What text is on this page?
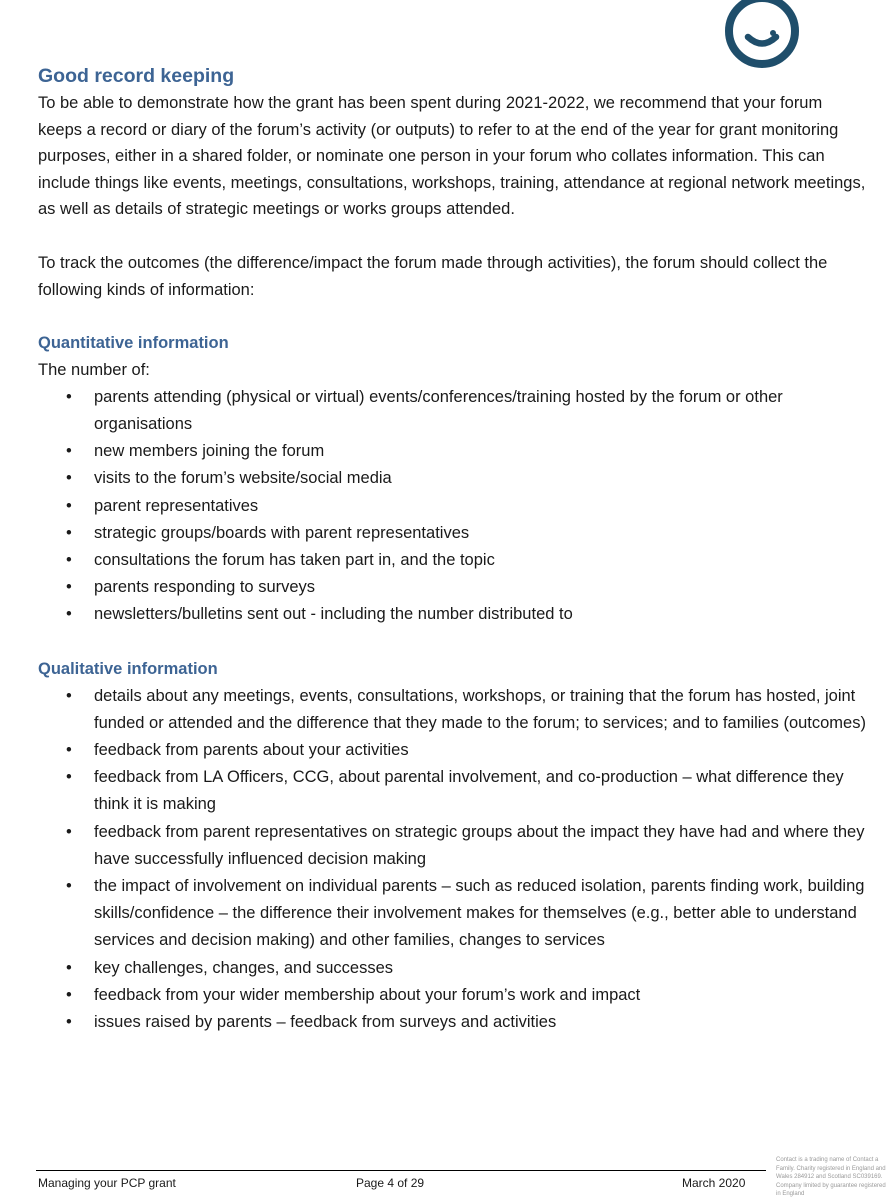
Good record keeping

To be able to demonstrate how the grant has been spent during 2021-2022, we recommend that your forum keeps a record or diary of the forum’s activity (or outputs) to refer to at the end of the year for grant monitoring purposes, either in a shared folder, or nominate one person in your forum who collates information. This can include things like events, meetings, consultations, workshops, training, attendance at regional network meetings, as well as details of strategic meetings or works groups attended.

To track the outcomes (the difference/impact the forum made through activities), the forum should collect the following kinds of information:

Quantitative information

The number of:

• parents attending (physical or virtual) events/conferences/training hosted by the forum or other organisations
• new members joining the forum
• visits to the forum’s website/social media
• parent representatives
• strategic groups/boards with parent representatives
• consultations the forum has taken part in, and the topic
• parents responding to surveys
• newsletters/bulletins sent out - including the number distributed to
Qualitative information
• details about any meetings, events, consultations, workshops, or training that the forum has hosted, joint funded or attended and the difference that they made to the forum; to services; and to families (outcomes)
• feedback from parents about your activities
• feedback from LA Officers, CCG, about parental involvement, and co-production – what difference they think it is making
• feedback from parent representatives on strategic groups about the impact they have had and where they have successfully influenced decision making
• the impact of involvement on individual parents – such as reduced isolation, parents finding work, building skills/confidence – the difference their involvement makes for themselves (e.g., better able to understand services and decision making) and other families, changes to services
• key challenges, changes, and successes
• feedback from your wider membership about your forum’s work and impact
• issues raised by parents – feedback from surveys and activities
Managing your PCP grant	Page 4 of 29	March 2020
Contact is a trading name of Contact a Family. Charity registered in England and Wales 284912 and Scotland SC039169. Company limited by guarantee registered in England
